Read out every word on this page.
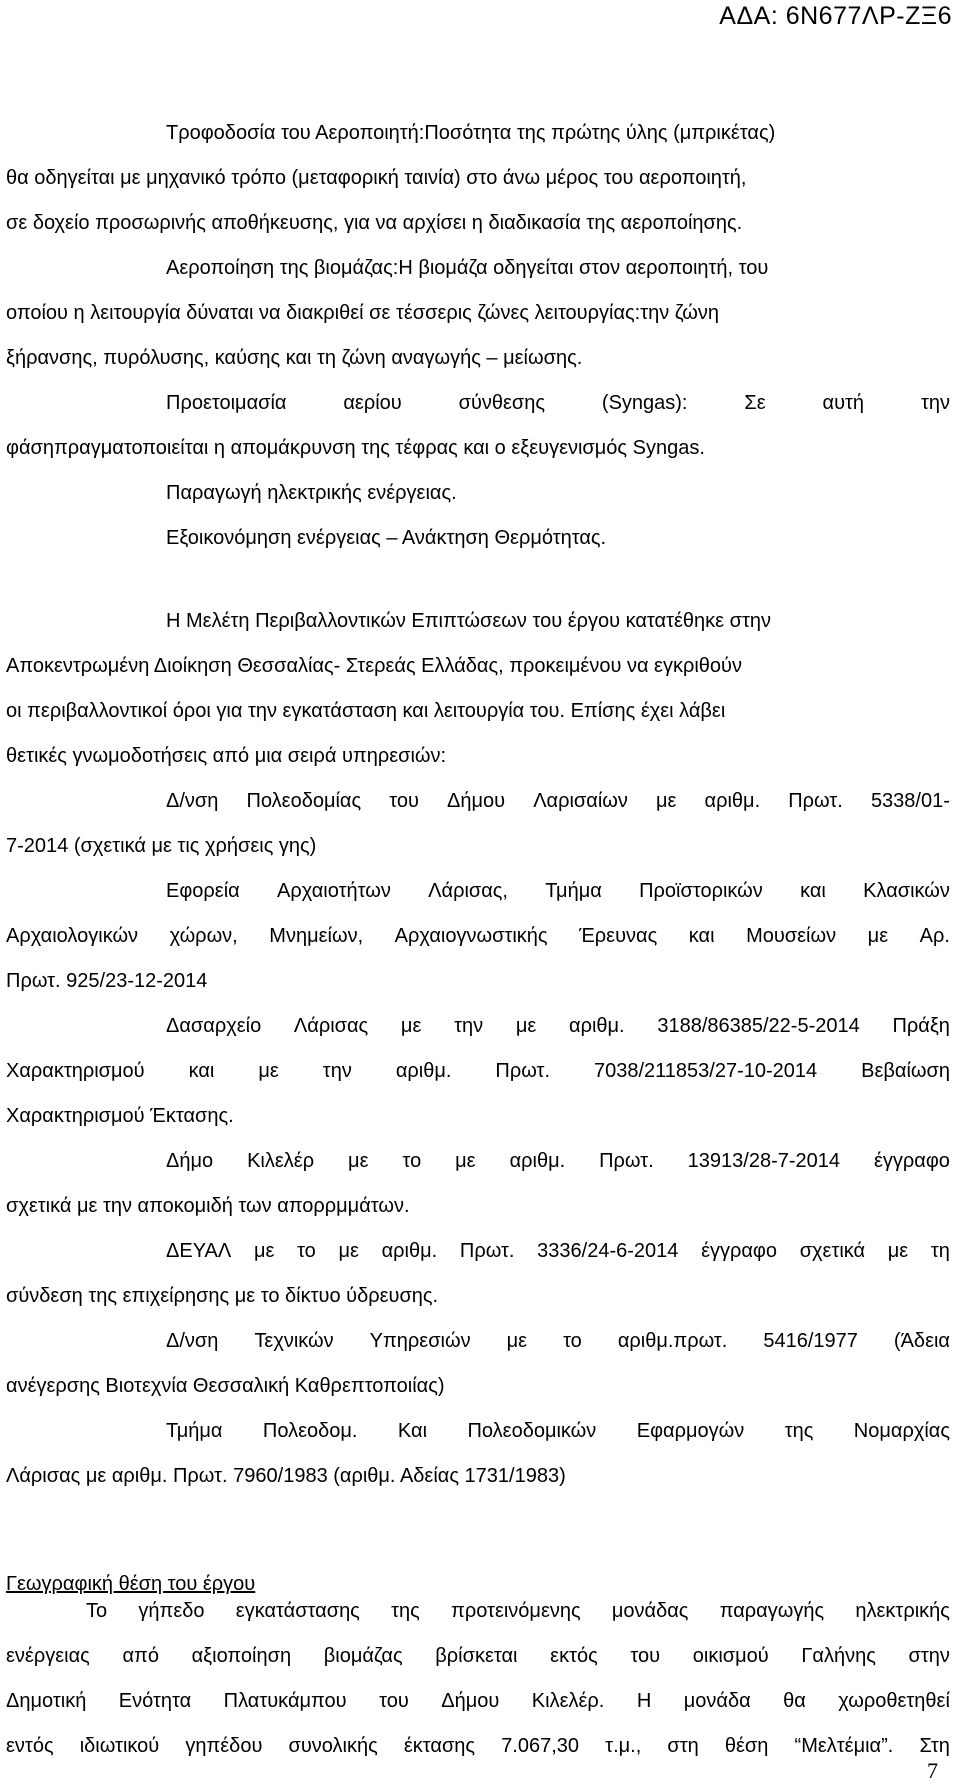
ΑΔΑ: 6Ν677ΛΡ-ΖΞ6
Τροφοδοσία του Αεροποιητή:Ποσότητα της πρώτης ύλης (μπρικέτας)
θα οδηγείται με μηχανικό τρόπο (μεταφορική ταινία) στο άνω μέρος του αεροποιητή,
σε δοχείο προσωρινής αποθήκευσης, για να αρχίσει η διαδικασία της αεροποίησης.
Αεροποίηση της βιομάζας:Η βιομάζα οδηγείται στον αεροποιητή, του
οποίου η λειτουργία δύναται να διακριθεί σε τέσσερις ζώνες λειτουργίας:την ζώνη
ξήρανσης, πυρόλυσης, καύσης και τη ζώνη αναγωγής – μείωσης.
Προετοιμασία	αερίου	σύνθεσης	(Syngas):	Σε	αυτή	την
φάσηπραγματοποιείται η απομάκρυνση της τέφρας και ο εξευγενισμός Syngas.
Παραγωγή ηλεκτρικής ενέργειας.
Εξοικονόμηση ενέργειας – Ανάκτηση Θερμότητας.
Η Μελέτη Περιβαλλοντικών Επιπτώσεων του έργου κατατέθηκε στην
Αποκεντρωμένη Διοίκηση Θεσσαλίας- Στερεάς Ελλάδας, προκειμένου να εγκριθούν
οι περιβαλλοντικοί όροι για την εγκατάσταση και λειτουργία του. Επίσης έχει λάβει
θετικές γνωμοδοτήσεις από μια σειρά υπηρεσιών:
Δ/νση Πολεοδομίας του Δήμου Λαρισαίων με αριθμ. Πρωτ. 5338/01-
7-2014 (σχετικά με τις χρήσεις γης)
Εφορεία Αρχαιοτήτων Λάρισας, Τμήμα Προϊστορικών και Κλασικών
Αρχαιολογικών χώρων, Μνημείων, Αρχαιογνωστικής Έρευνας και Μουσείων με Αρ.
Πρωτ. 925/23-12-2014
Δασαρχείο Λάρισας με την με αριθμ. 3188/86385/22-5-2014 Πράξη
Χαρακτηρισμού και με την αριθμ. Πρωτ. 7038/211853/27-10-2014 Βεβαίωση
Χαρακτηρισμού Έκτασης.
Δήμο Κιλελέρ με το με αριθμ. Πρωτ. 13913/28-7-2014 έγγραφο
σχετικά με την αποκομιδή των απορρμμάτων.
ΔΕΥΑΛ με το με αριθμ. Πρωτ. 3336/24-6-2014 έγγραφο σχετικά με τη
σύνδεση της επιχείρησης με το δίκτυο ύδρευσης.
Δ/νση Τεχνικών Υπηρεσιών με το αριθμ.πρωτ. 5416/1977 (Άδεια
ανέγερσης Βιοτεχνία Θεσσαλική Καθρεπτοποιίας)
Τμήμα Πολεοδομ. Και Πολεοδομικών Εφαρμογών της Νομαρχίας
Λάρισας με αριθμ. Πρωτ. 7960/1983 (αριθμ. Αδείας 1731/1983)
Το γήπεδο εγκατάστασης της προτεινόμενης μονάδας παραγωγής ηλεκτρικής
ενέργειας από αξιοποίηση βιομάζας βρίσκεται εκτός του οικισμού Γαλήνης στην
Δημοτική Ενότητα Πλατυκάμπου του Δήμου Κιλελέρ. Η μονάδα θα χωροθετηθεί
εντός ιδιωτικού γηπέδου συνολικής έκτασης 7.067,30 τ.μ., στη θέση “Μελτέμια”. Στη
Γεωγραφική θέση του έργου
7
